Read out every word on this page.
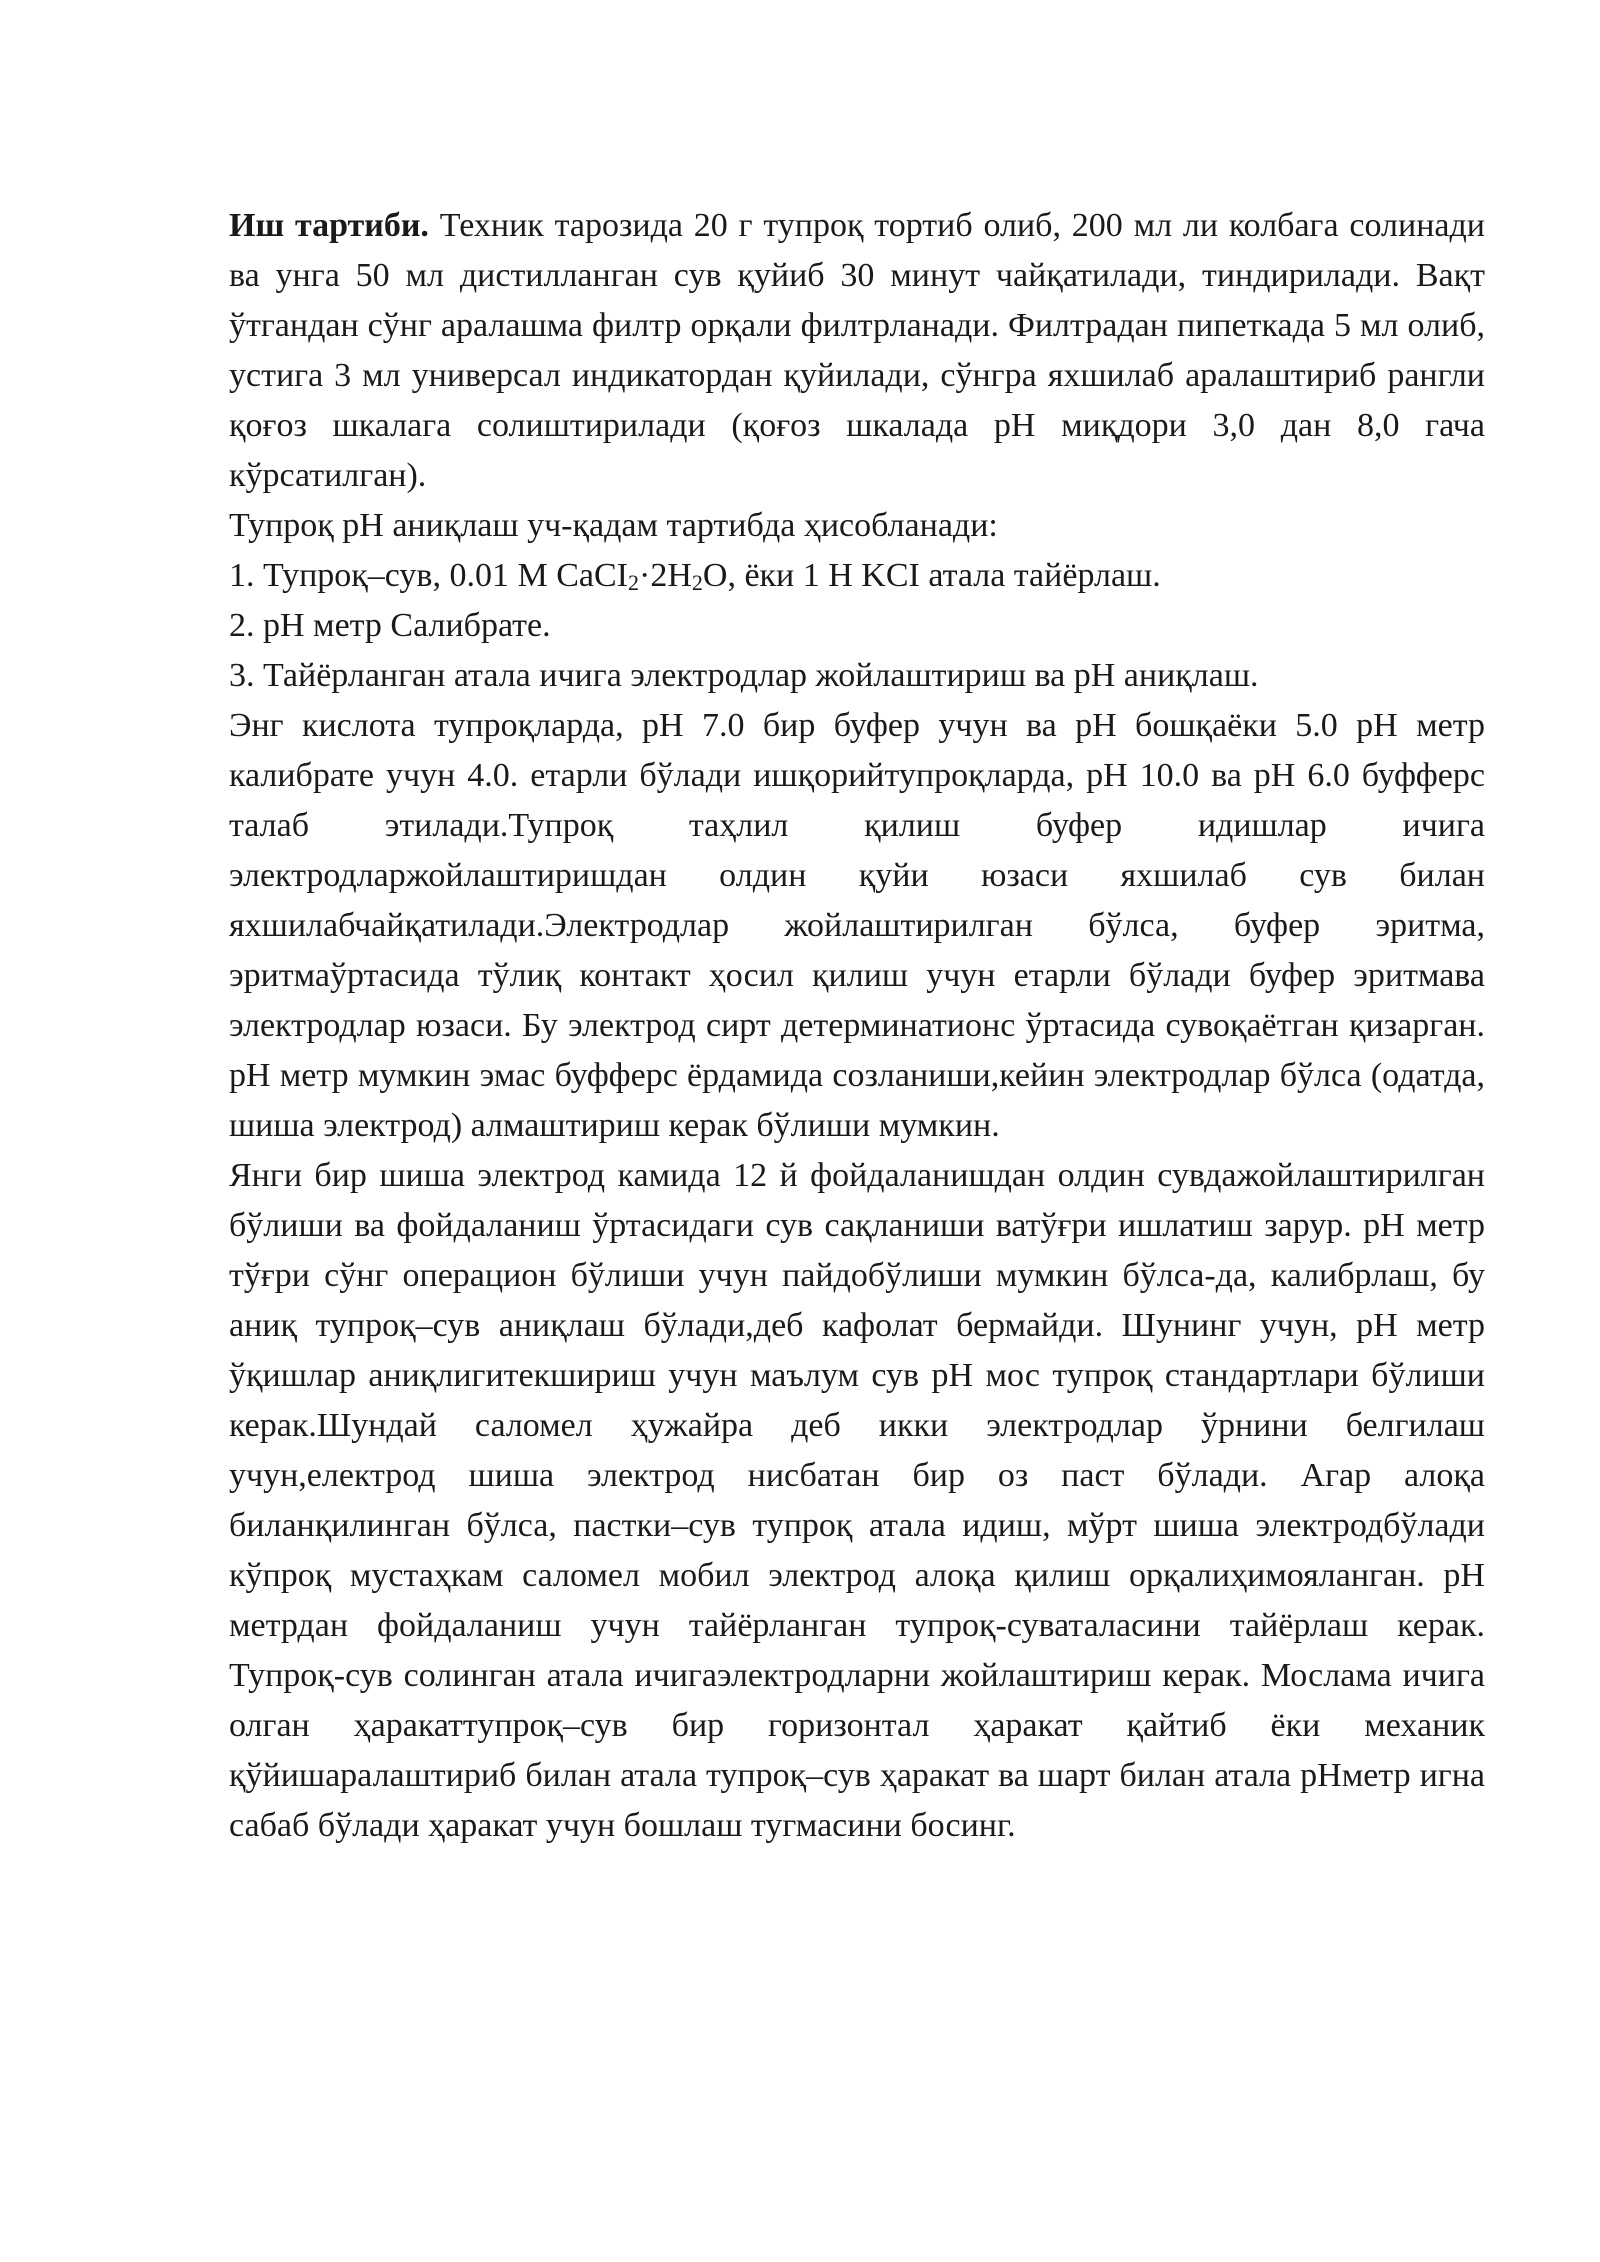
Иш тартиби. Техник тарозида 20 г тупроқ тортиб олиб, 200 мл ли колбага солинади ва унга 50 мл дистилланган сув қуйиб 30 минут чайқатилади, тиндирилади. Вақт ўтгандан сўнг аралашма филтр орқали филтрланади. Филтрадан пипеткада 5 мл олиб, устига 3 мл универсал индикатордан қуйилади, сўнгра яхшилаб аралаштириб рангли қоғоз шкалага солиштирилади (қоғоз шкалада pH миқдори 3,0 дан 8,0 гача кўрсатилган).

Тупроқ pH аниқлаш уч-қадам тартибда ҳисобланади:

1. Тупроқ–сув, 0.01 M CaCI2·2H2O, ёки 1 Н KCI атала тайёрлаш.

2. pH метр Салибрате.

3. Тайёрланган атала ичига электродлар жойлаштириш ва pH аниқлаш.

Энг кислота тупроқларда, pH 7.0 бир буфер учун ва pH бошқаёки 5.0 pH метр калибрате учун 4.0. етарли бўлади ишқорийтупроқларда, pH 10.0 ва pH 6.0 буфферс талаб этилади.Тупроқ таҳлил қилиш буфер идишлар ичига электродларжойлаштиришдан олдин қуйи юзаси яхшилаб сув билан яхшилабчайқатилади.Электродлар жойлаштирилган бўлса, буфер эритма, эритмаўртасида тўлиқ контакт ҳосил қилиш учун етарли бўлади буфер эритмава электродлар юзаси. Бу электрод сирт детерминатионс ўртасида сувоқаётган қизарган. pH метр мумкин эмас буфферс ёрдамида созланиши,кейин электродлар бўлса (одатда, шиша электрод) алмаштириш керак бўлиши мумкин.

Янги бир шиша электрод камида 12 й фойдаланишдан олдин сувдажойлаштирилган бўлиши ва фойдаланиш ўртасидаги сув сақланиши ватўғри ишлатиш зарур. pH метр тўғри сўнг операцион бўлиши учун пайдобўлиши мумкин бўлса-да, калибрлаш, бу аниқ тупроқ–сув аниқлаш бўлади,деб кафолат бермайди. Шунинг учун, pH метр ўқишлар аниқлигитекшириш учун маълум сув pH мос тупроқ стандартлари бўлиши керак.Шундай саломел ҳужайра деб икки электродлар ўрнини белгилаш учун,електрод шиша электрод нисбатан бир оз паст бўлади. Агар алоқа биланқилинган бўлса, пастки–сув тупроқ атала идиш, мўрт шиша электродбўлади кўпроқ мустаҳкам саломел мобил электрод алоқа қилиш орқалиҳимояланган. pH метрдан фойдаланиш учун тайёрланган тупроқ-суваталасини тайёрлаш керак. Тупроқ-сув солинган атала ичигаэлектродларни жойлаштириш керак. Мослама ичига олган ҳаракаттупроқ–сув бир горизонтал ҳаракат қайтиб ёки механик қўйишаралаштириб билан атала тупроқ–сув ҳаракат ва шарт билан атала pHметр игна сабаб бўлади ҳаракат учун бошлаш тугмасини босинг.
